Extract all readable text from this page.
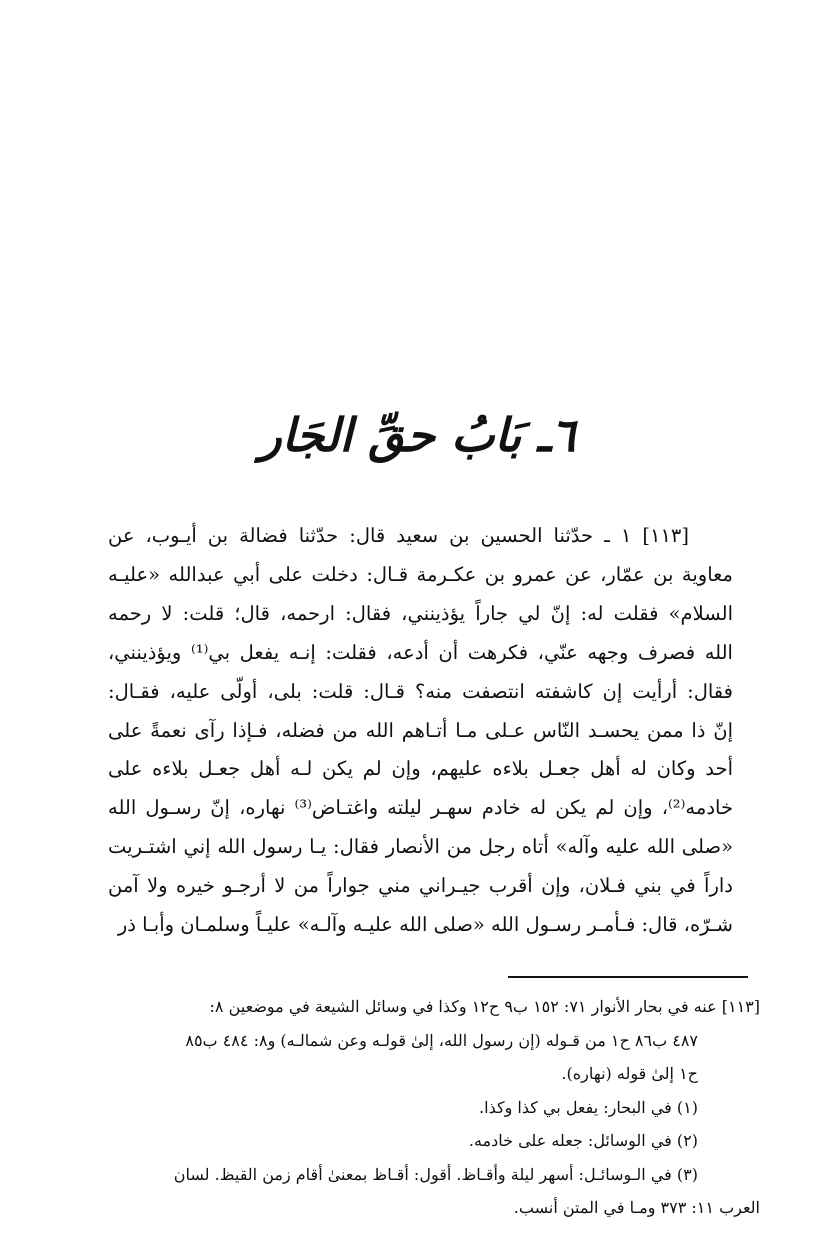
٦ـ بَابُ حقِّ الجَار

[١١٣] ١ ـ حدّثنا الحسين بن سعيد قال: حدّثنا فضالة بن أيـوب، عن

معاوية بن عمّار، عن عمرو بن عكـرمة قـال: دخلت على أبي عبدالله «عليـه

السلام» فقلت له: إنّ لي جاراً يؤذينني، فقال: ارحمه، قال؛ قلت: لا رحمه

الله فصرف وجهه عنّي، فكرهت أن أدعه، فقلت: إنـه يفعل بي⁽¹⁾ ويؤذينني،

فقال: أرأيت إن كاشفته انتصفت منه؟ قـال: قلت: بلى، أولّى عليه، فقـال:

إنّ ذا ممن يحسـد النّاس عـلى مـا أتـاهم الله من فضله، فـإذا رآى نعمةً على

أحد وكان له أهل جعـل بلاءه عليهم، وإن لم يكن لـه أهل جعـل بلاءه على

خادمه⁽²⁾، وإن لم يكن له خادم سهـر ليلته واغتـاض⁽³⁾ نهاره، إنّ رسـول الله

«صلى الله عليه وآله» أتاه رجل من الأنصار فقال: يـا رسول الله إني اشتـريت

داراً في بني فـلان، وإن أقرب جيـراني مني جواراً من لا أرجـو خيره ولا آمن

شـرّه، قال: فـأمـر رسـول الله «صلى الله عليـه وآلـه» عليـاً وسلمـان وأبـا ذر

[١١٣] عنه في بحار الأنوار ٧١: ١٥٢ ب٩ ح١٢ وكذا في وسائل الشيعة في موضعين ٨:
٤٨٧ ب٨٦ ح١ من قـوله (إن رسول الله، إلىٰ قولـه وعن شمالـه) و٨: ٤٨٤ ب٨٥
ح١ إلىٰ قوله (نهاره).
(١) في البحار: يفعل بي كذا وكذا.
(٢) في الوسائل: جعله على خادمه.
(٣) في الـوسائـل: أسهر ليلة وأقـاظ. أقول: أقـاظ بمعنىٰ أقام زمن القيظ. لسان
العرب ١١: ٣٧٣ ومـا في المتن أنسب.
